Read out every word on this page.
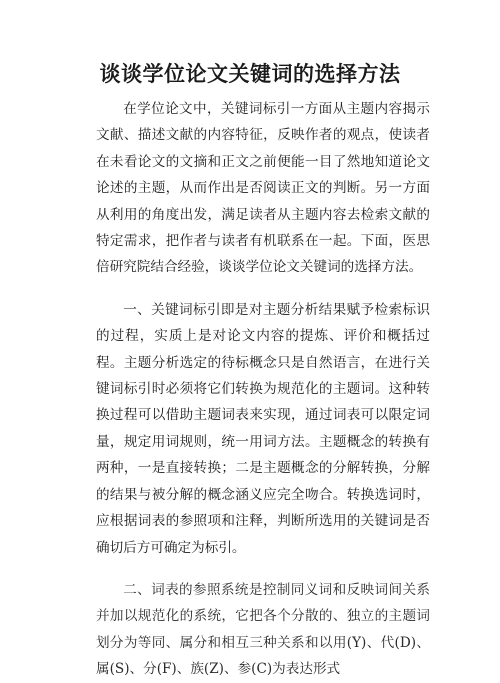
谈谈学位论文关键词的选择方法

在学位论文中，关键词标引一方面从主题内容揭示文献、描述文献的内容特征，反映作者的观点，使读者在未看论文的文摘和正文之前便能一目了然地知道论文论述的主题，从而作出是否阅读正文的判断。另一方面从利用的角度出发，满足读者从主题内容去检索文献的特定需求，把作者与读者有机联系在一起。下面，医思倍研究院结合经验，谈谈学位论文关键词的选择方法。

一、关键词标引即是对主题分析结果赋予检索标识的过程，实质上是对论文内容的提炼、评价和概括过程。主题分析选定的待标概念只是自然语言，在进行关键词标引时必须将它们转换为规范化的主题词。这种转换过程可以借助主题词表来实现，通过词表可以限定词量，规定用词规则，统一用词方法。主题概念的转换有两种，一是直接转换；二是主题概念的分解转换，分解的结果与被分解的概念涵义应完全吻合。转换选词时，应根据词表的参照项和注释，判断所选用的关键词是否确切后方可确定为标引。

二、词表的参照系统是控制同义词和反映词间关系并加以规范化的系统，它把各个分散的、独立的主题词划分为等同、属分和相互三种关系和以用(Y)、代(D)、属(S)、分(F)、族(Z)、参(C)为表达形式
